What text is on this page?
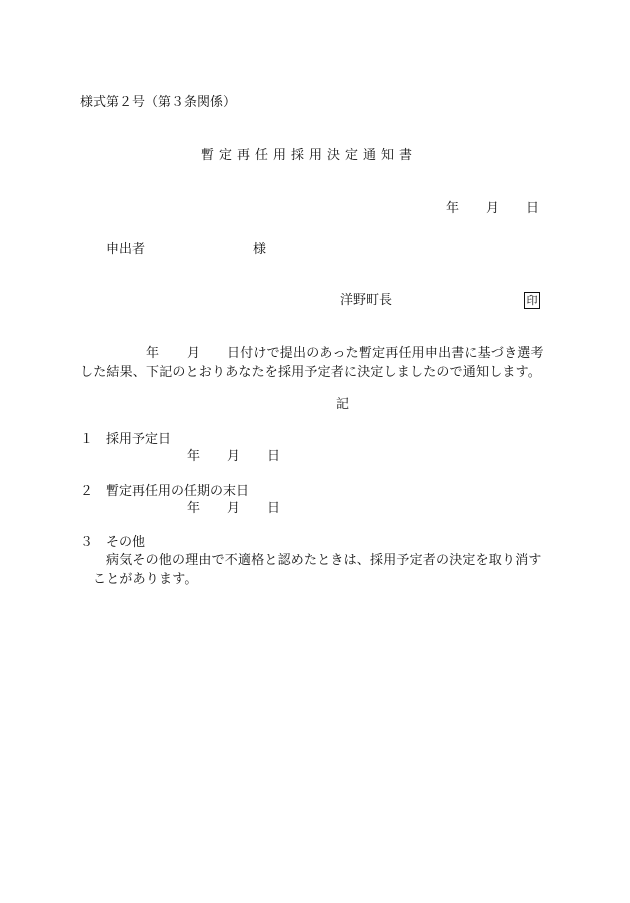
様式第２号（第３条関係）
暫定再任用採用決定通知書
年 月 日
申出者	様
洋野町長	印
年 月 日付けで提出のあった暫定再任用申出書に基づき選考
した結果、下記のとおりあなたを採用予定者に決定しましたので通知します。
記
１ 採用予定日
年 月 日
２ 暫定再任用の任期の末日
年 月 日
３ その他
病気その他の理由で不適格と認めたときは、採用予定者の決定を取り消す
ことがあります。
